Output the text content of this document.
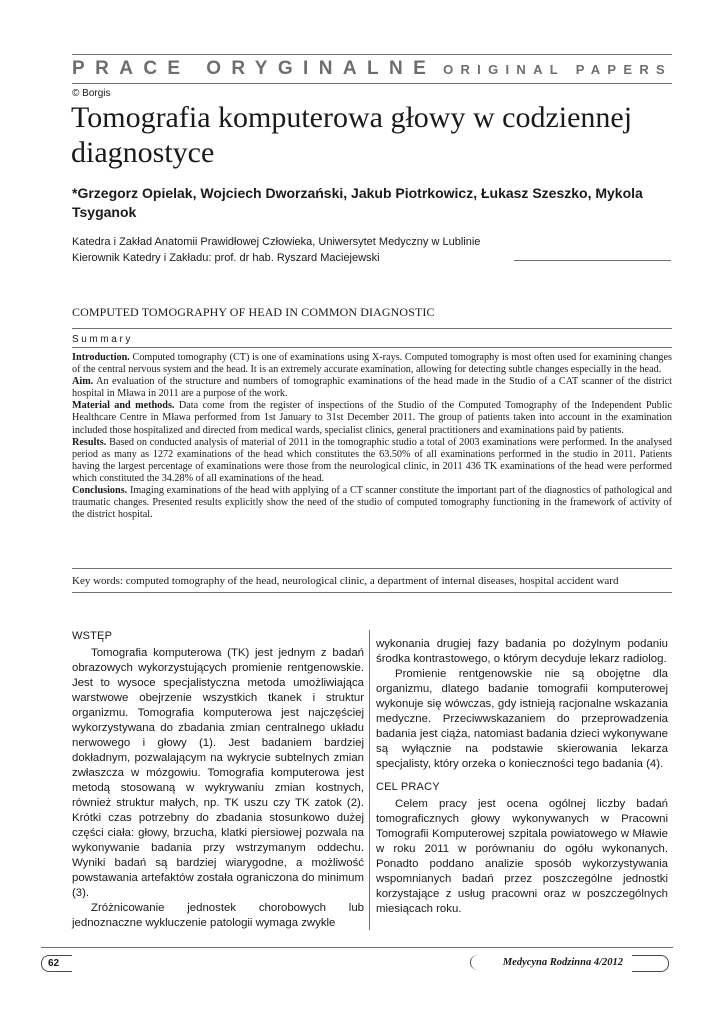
PRACE ORYGINALNE ORIGINAL PAPERS
© Borgis
Tomografia komputerowa głowy w codziennej diagnostyce
*Grzegorz Opielak, Wojciech Dworzański, Jakub Piotrkowicz, Łukasz Szeszko, Mykola Tsyganok
Katedra i Zakład Anatomii Prawidłowej Człowieka, Uniwersytet Medyczny w Lublinie
Kierownik Katedry i Zakładu: prof. dr hab. Ryszard Maciejewski
COMPUTED TOMOGRAPHY OF HEAD IN COMMON DIAGNOSTIC
Summary

Introduction. Computed tomography (CT) is one of examinations using X-rays. Computed tomography is most often used for examining changes of the central nervous system and the head. It is an extremely accurate examination, allowing for detecting subtle changes especially in the head.

Aim. An evaluation of the structure and numbers of tomographic examinations of the head made in the Studio of a CAT scanner of the district hospital in Mława in 2011 are a purpose of the work.

Material and methods. Data come from the register of inspections of the Studio of the Computed Tomography of the Independent Public Healthcare Centre in Mława performed from 1st January to 31st December 2011. The group of patients taken into account in the examination included those hospitalized and directed from medical wards, specialist clinics, general practitioners and examinations paid by patients.

Results. Based on conducted analysis of material of 2011 in the tomographic studio a total of 2003 examinations were performed. In the analysed period as many as 1272 examinations of the head which constitutes the 63.50% of all examinations performed in the studio in 2011. Patients having the largest percentage of examinations were those from the neurological clinic, in 2011 436 TK examinations of the head were performed which constituted the 34.28% of all examinations of the head.

Conclusions. Imaging examinations of the head with applying of a CT scanner constitute the important part of the diagnostics of pathological and traumatic changes. Presented results explicitly show the need of the studio of computed tomography functioning in the framework of activity of the district hospital.

Key words: computed tomography of the head, neurological clinic, a department of internal diseases, hospital accident ward
WSTĘP

Tomografia komputerowa (TK) jest jednym z badań obrazowych wykorzystujących promienie rentgenowskie. Jest to wysoce specjalistyczna metoda umożliwiająca warstwowe obejrzenie wszystkich tkanek i struktur organizmu. Tomografia komputerowa jest najczęściej wykorzystywana do zbadania zmian centralnego układu nerwowego i głowy (1). Jest badaniem bardziej dokładnym, pozwalającym na wykrycie subtelnych zmian zwłaszcza w mózgowiu. Tomografia komputerowa jest metodą stosowaną w wykrywaniu zmian kostnych, również struktur małych, np. TK uszu czy TK zatok (2). Krótki czas potrzebny do zbadania stosunkowo dużej części ciała: głowy, brzucha, klatki piersiowej pozwala na wykonywanie badania przy wstrzymanym oddechu. Wyniki badań są bardziej wiarygodne, a możliwość powstawania artefaktów została ograniczona do minimum (3).

Zróżnicowanie jednostek chorobowych lub jednoznaczne wykluczenie patologii wymaga zwykle

wykonania drugiej fazy badania po dożylnym podaniu środka kontrastowego, o którym decyduje lekarz radiolog.

Promienie rentgenowskie nie są obojętne dla organizmu, dlatego badanie tomografii komputerowej wykonuje się wówczas, gdy istnieją racjonalne wskazania medyczne. Przeciwwskazaniem do przeprowadzenia badania jest ciąża, natomiast badania dzieci wykonywane są wyłącznie na podstawie skierowania lekarza specjalisty, który orzeka o konieczności tego badania (4).

CEL PRACY

Celem pracy jest ocena ogólnej liczby badań tomograficznych głowy wykonywanych w Pracowni Tomografii Komputerowej szpitala powiatowego w Mławie w roku 2011 w porównaniu do ogółu wykonanych. Ponadto poddano analizie sposób wykorzystywania wspomnianych badań przez poszczególne jednostki korzystające z usług pracowni oraz w poszczególnych miesiącach roku.

62	Medycyna Rodzinna 4/2012
